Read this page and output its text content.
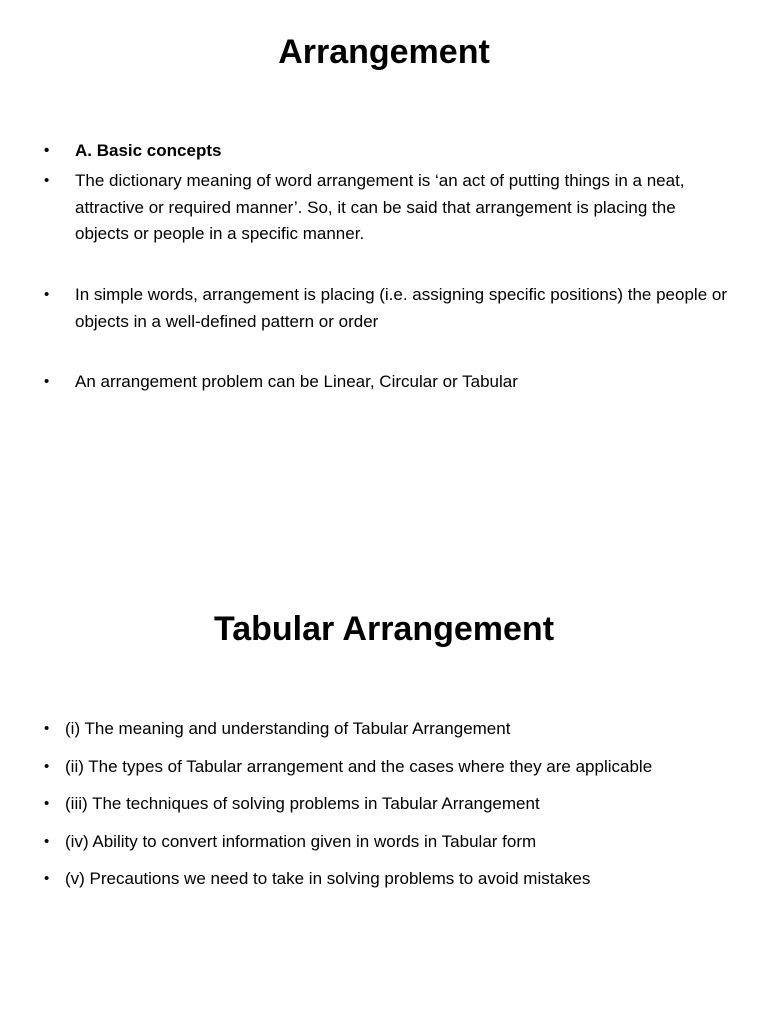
Arrangement
• A. Basic concepts
• The dictionary meaning of word arrangement is ‘an act of putting things in a neat, attractive or required manner’. So, it can be said that arrangement is placing the objects or people in a specific manner.
• In simple words, arrangement is placing (i.e. assigning specific positions) the people or objects in a well-defined pattern or order
• An arrangement problem can be Linear, Circular or Tabular
Tabular Arrangement
• (i) The meaning and understanding of Tabular Arrangement
• (ii) The types of Tabular arrangement and the cases where they are applicable
• (iii) The techniques of solving problems in Tabular Arrangement
• (iv) Ability to convert information given in words in Tabular form
• (v) Precautions we need to take in solving problems to avoid mistakes
